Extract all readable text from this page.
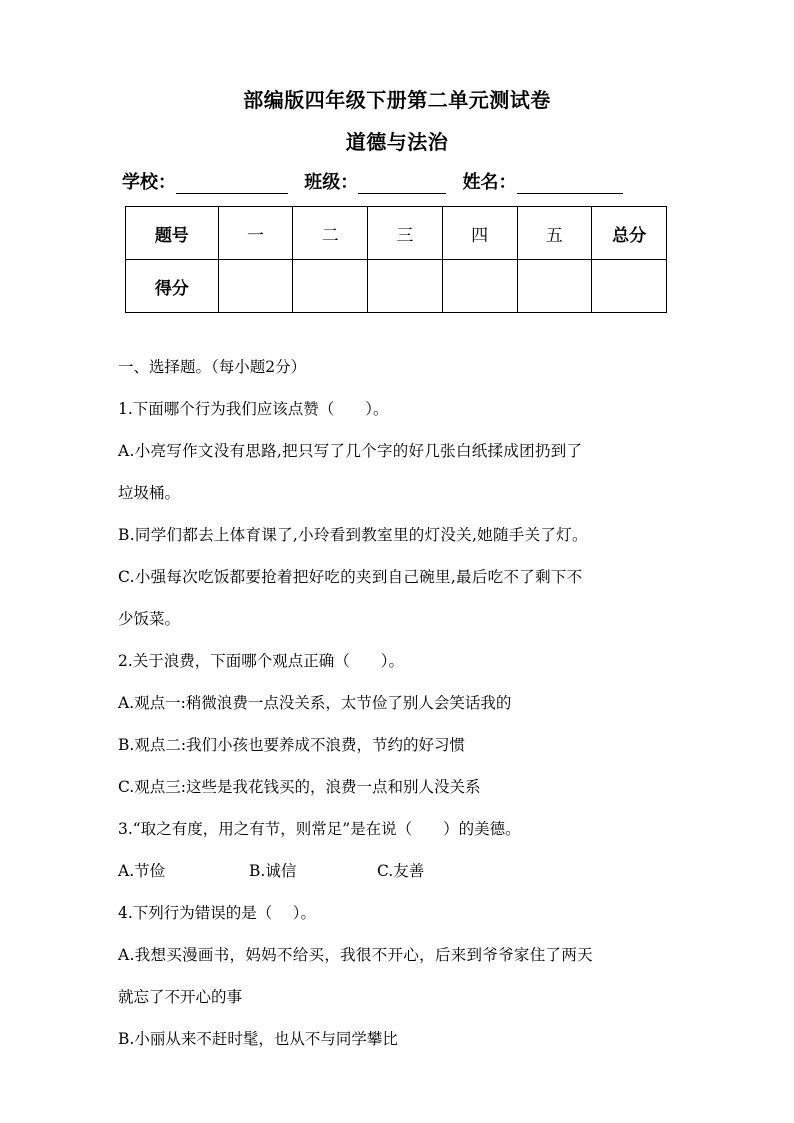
部编版四年级下册第二单元测试卷
道德与法治
学校：	班级：	姓名：
题号	一	二	三	四	五	总分
得分						
一、选择题。（每小题2分）
1.下面哪个行为我们应该点赞（　　）。
A.小亮写作文没有思路,把只写了几个字的好几张白纸揉成团扔到了
垃圾桶。
B.同学们都去上体育课了,小玲看到教室里的灯没关,她随手关了灯。
C.小强每次吃饭都要抢着把好吃的夹到自己碗里,最后吃不了剩下不
少饭菜。
2.关于浪费，下面哪个观点正确（　　）。
A.观点一:稍微浪费一点没关系，太节俭了别人会笑话我的
B.观点二:我们小孩也要养成不浪费，节约的好习惯
C.观点三:这些是我花钱买的，浪费一点和别人没关系
3.“取之有度，用之有节，则常足”是在说（　　）的美德。
A.节俭	B.诚信	C.友善
4.下列行为错误的是（　 ）。
A.我想买漫画书，妈妈不给买，我很不开心，后来到爷爷家住了两天
就忘了不开心的事
B.小丽从来不赶时髦，也从不与同学攀比
